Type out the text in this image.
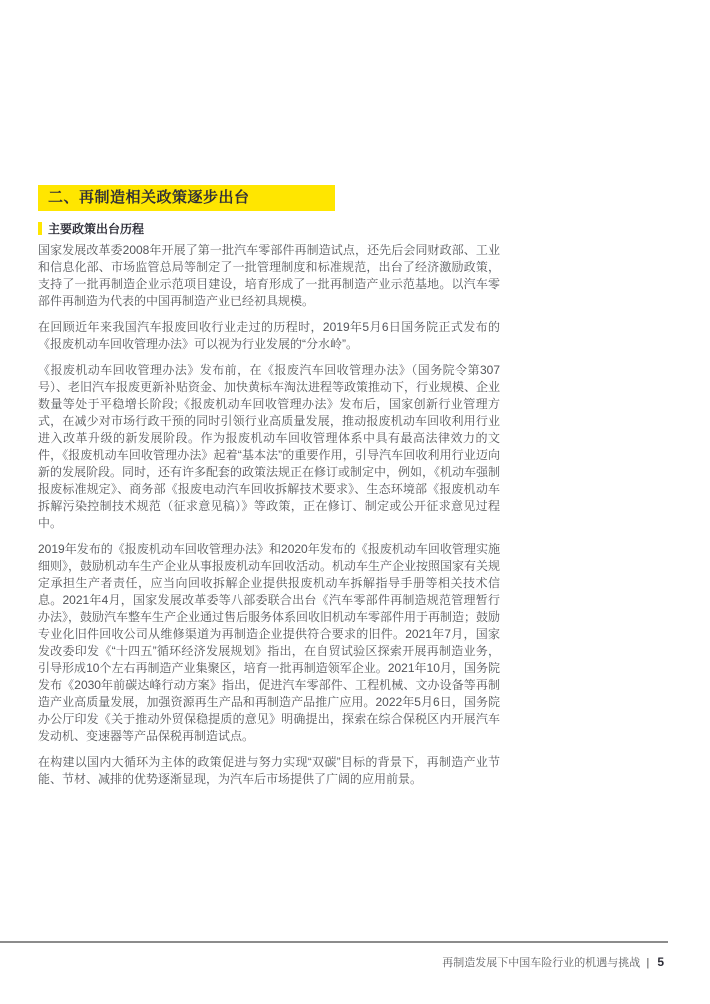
二、再制造相关政策逐步出台
主要政策出台历程

国家发展改革委2008年开展了第一批汽车零部件再制造试点，还先后会同财政部、工业和信息化部、市场监管总局等制定了一批管理制度和标准规范，出台了经济激励政策，支持了一批再制造企业示范项目建设，培育形成了一批再制造产业示范基地。以汽车零部件再制造为代表的中国再制造产业已经初具规模。

在回顾近年来我国汽车报废回收行业走过的历程时，2019年5月6日国务院正式发布的《报废机动车回收管理办法》可以视为行业发展的“分水岭”。

《报废机动车回收管理办法》发布前，在《报废汽车回收管理办法》（国务院令第307号）、老旧汽车报废更新补贴资金、加快黄标车淘汰进程等政策推动下，行业规模、企业数量等处于平稳增长阶段;《报废机动车回收管理办法》发布后，国家创新行业管理方式，在减少对市场行政干预的同时引领行业高质量发展，推动报废机动车回收利用行业进入改革升级的新发展阶段。作为报废机动车回收管理体系中具有最高法律效力的文件，《报废机动车回收管理办法》起着“基本法”的重要作用，引导汽车回收利用行业迈向新的发展阶段。同时，还有许多配套的政策法规正在修订或制定中，例如，《机动车强制报废标准规定》、商务部《报废电动汽车回收拆解技术要求》、生态环境部《报废机动车拆解污染控制技术规范（征求意见稿）》等政策，正在修订、制定或公开征求意见过程中。

2019年发布的《报废机动车回收管理办法》和2020年发布的《报废机动车回收管理实施细则》，鼓励机动车生产企业从事报废机动车回收活动。机动车生产企业按照国家有关规定承担生产者责任，应当向回收拆解企业提供报废机动车拆解指导手册等相关技术信息。2021年4月，国家发展改革委等八部委联合出台《汽车零部件再制造规范管理暂行办法》，鼓励汽车整车生产企业通过售后服务体系回收旧机动车零部件用于再制造；鼓励专业化旧件回收公司从维修渠道为再制造企业提供符合要求的旧件。2021年7月，国家发改委印发《“十四五”循环经济发展规划》指出，在自贸试验区探索开展再制造业务，引导形成10个左右再制造产业集聚区，培育一批再制造领军企业。2021年10月，国务院发布《2030年前碳达峰行动方案》指出，促进汽车零部件、工程机械、文办设备等再制造产业高质量发展，加强资源再生产品和再制造产品推广应用。2022年5月6日，国务院办公厅印发《关于推动外贸保稳提质的意见》明确提出，探索在综合保税区内开展汽车发动机、变速器等产品保税再制造试点。

在构建以国内大循环为主体的政策促进与努力实现“双碳”目标的背景下，再制造产业节能、节材、减排的优势逐渐显现，为汽车后市场提供了广阔的应用前景。

再制造发展下中国车险行业的机遇与挑战 | 5
